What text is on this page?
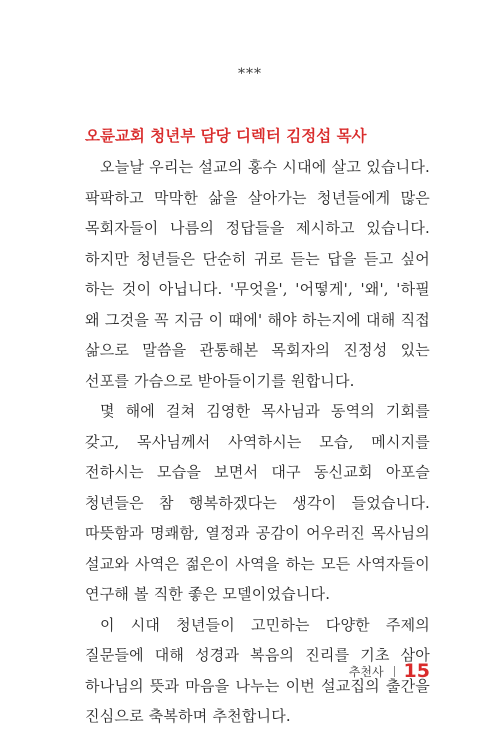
***
오륜교회 청년부 담당 디렉터 김정섭 목사

오늘날 우리는 설교의 홍수 시대에 살고 있습니다. 팍팍하고 막막한 삶을 살아가는 청년들에게 많은 목회자들이 나름의 정답들을 제시하고 있습니다. 하지만 청년들은 단순히 귀로 듣는 답을 듣고 싶어 하는 것이 아닙니다. '무엇을', '어떻게', '왜', '하필 왜 그것을 꼭 지금 이 때에' 해야 하는지에 대해 직접 삶으로 말씀을 관통해본 목회자의 진정성 있는 선포를 가슴으로 받아들이기를 원합니다.

몇 해에 걸쳐 김영한 목사님과 동역의 기회를 갖고, 목사님께서 사역하시는 모습, 메시지를 전하시는 모습을 보면서 대구 동신교회 아포슬 청년들은 참 행복하겠다는 생각이 들었습니다. 따뜻함과 명쾌함, 열정과 공감이 어우러진 목사님의 설교와 사역은 젊은이 사역을 하는 모든 사역자들이 연구해 볼 직한 좋은 모델이었습니다.

이 시대 청년들이 고민하는 다양한 주제의 질문들에 대해 성경과 복음의 진리를 기초 삼아 하나님의 뜻과 마음을 나누는 이번 설교집의 출간을 진심으로 축복하며 추천합니다.

추천사 15
